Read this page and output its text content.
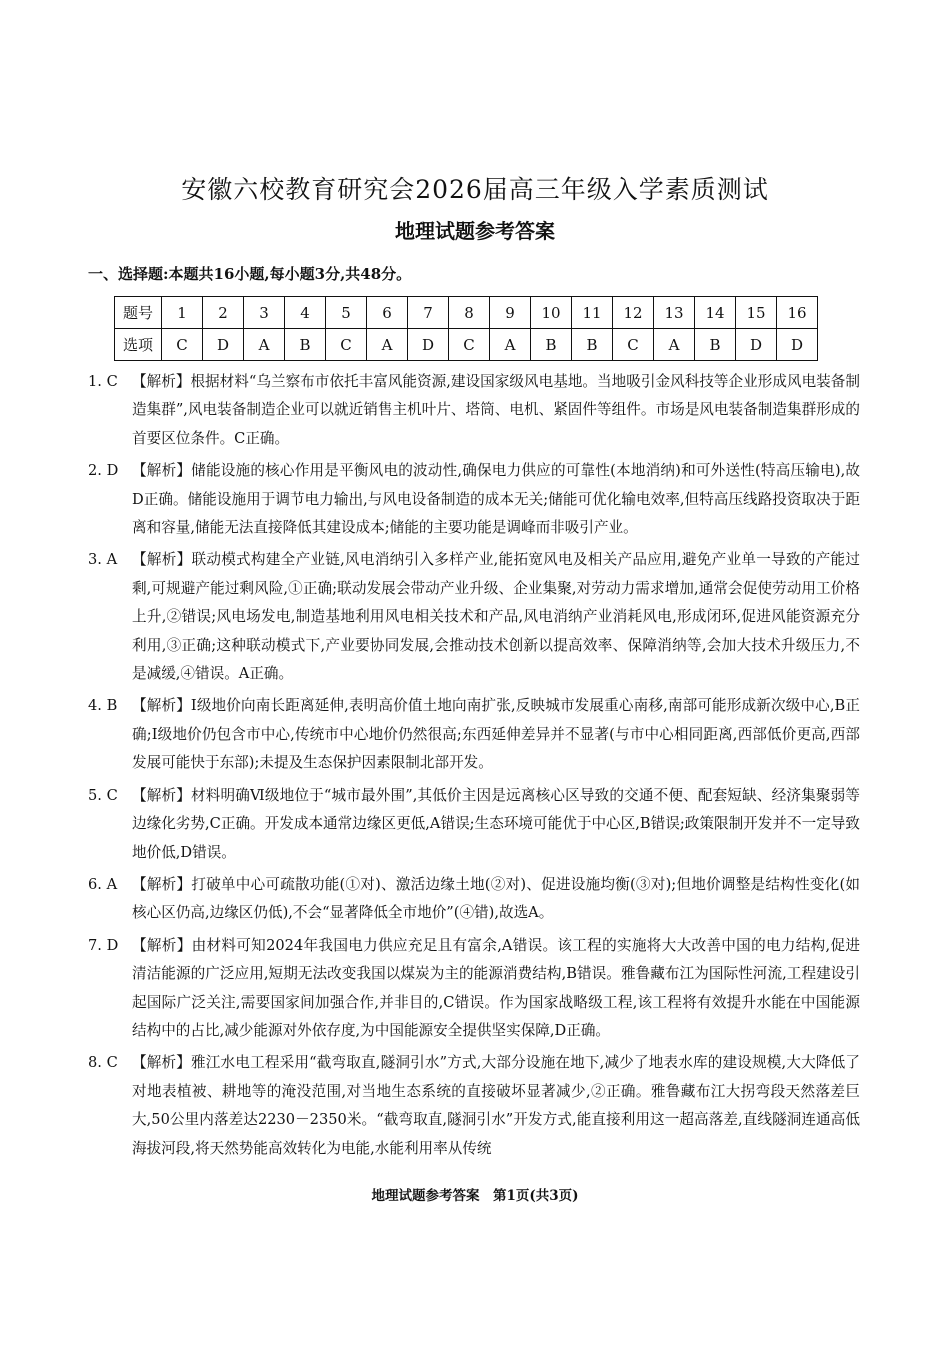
安徽六校教育研究会2026届高三年级入学素质测试
地理试题参考答案
一、选择题:本题共16小题,每小题3分,共48分。
题号	1	2	3	4	5	6	7	8	9	10	11	12	13	14	15	16
选项	C	D	A	B	C	A	D	C	A	B	B	C	A	B	D	D
1. C 【解析】根据材料“乌兰察布市依托丰富风能资源,建设国家级风电基地。当地吸引金风科技等企业形成风电装备制造集群”,风电装备制造企业可以就近销售主机叶片、塔筒、电机、紧固件等组件。市场是风电装备制造集群形成的首要区位条件。C正确。
2. D 【解析】储能设施的核心作用是平衡风电的波动性,确保电力供应的可靠性(本地消纳)和可外送性(特高压输电),故D正确。储能设施用于调节电力输出,与风电设备制造的成本无关;储能可优化输电效率,但特高压线路投资取决于距离和容量,储能无法直接降低其建设成本;储能的主要功能是调峰而非吸引产业。
3. A 【解析】联动模式构建全产业链,风电消纳引入多样产业,能拓宽风电及相关产品应用,避免产业单一导致的产能过剩,可规避产能过剩风险,①正确;联动发展会带动产业升级、企业集聚,对劳动力需求增加,通常会促使劳动用工价格上升,②错误;风电场发电,制造基地利用风电相关技术和产品,风电消纳产业消耗风电,形成闭环,促进风能资源充分利用,③正确;这种联动模式下,产业要协同发展,会推动技术创新以提高效率、保障消纳等,会加大技术升级压力,不是减缓,④错误。A正确。
4. B 【解析】Ⅰ级地价向南长距离延伸,表明高价值土地向南扩张,反映城市发展重心南移,南部可能形成新次级中心,B正确;Ⅰ级地价仍包含市中心,传统市中心地价仍然很高;东西延伸差异并不显著(与市中心相同距离,西部低价更高,西部发展可能快于东部);未提及生态保护因素限制北部开发。
5. C 【解析】材料明确Ⅵ级地位于“城市最外围”,其低价主因是远离核心区导致的交通不便、配套短缺、经济集聚弱等边缘化劣势,C正确。开发成本通常边缘区更低,A错误;生态环境可能优于中心区,B错误;政策限制开发并不一定导致地价低,D错误。
6. A 【解析】打破单中心可疏散功能(①对)、激活边缘土地(②对)、促进设施均衡(③对);但地价调整是结构性变化(如核心区仍高,边缘区仍低),不会“显著降低全市地价”(④错),故选A。
7. D 【解析】由材料可知2024年我国电力供应充足且有富余,A错误。该工程的实施将大大改善中国的电力结构,促进清洁能源的广泛应用,短期无法改变我国以煤炭为主的能源消费结构,B错误。雅鲁藏布江为国际性河流,工程建设引起国际广泛关注,需要国家间加强合作,并非目的,C错误。作为国家战略级工程,该工程将有效提升水能在中国能源结构中的占比,减少能源对外依存度,为中国能源安全提供坚实保障,D正确。
8. C 【解析】雅江水电工程采用“截弯取直,隧洞引水”方式,大部分设施在地下,减少了地表水库的建设规模,大大降低了对地表植被、耕地等的淹没范围,对当地生态系统的直接破坏显著减少,②正确。雅鲁藏布江大拐弯段天然落差巨大,50公里内落差达2230－2350米。“截弯取直,隧洞引水”开发方式,能直接利用这一超高落差,直线隧洞连通高低海拔河段,将天然势能高效转化为电能,水能利用率从传统
地理试题参考答案　第1页(共3页)
